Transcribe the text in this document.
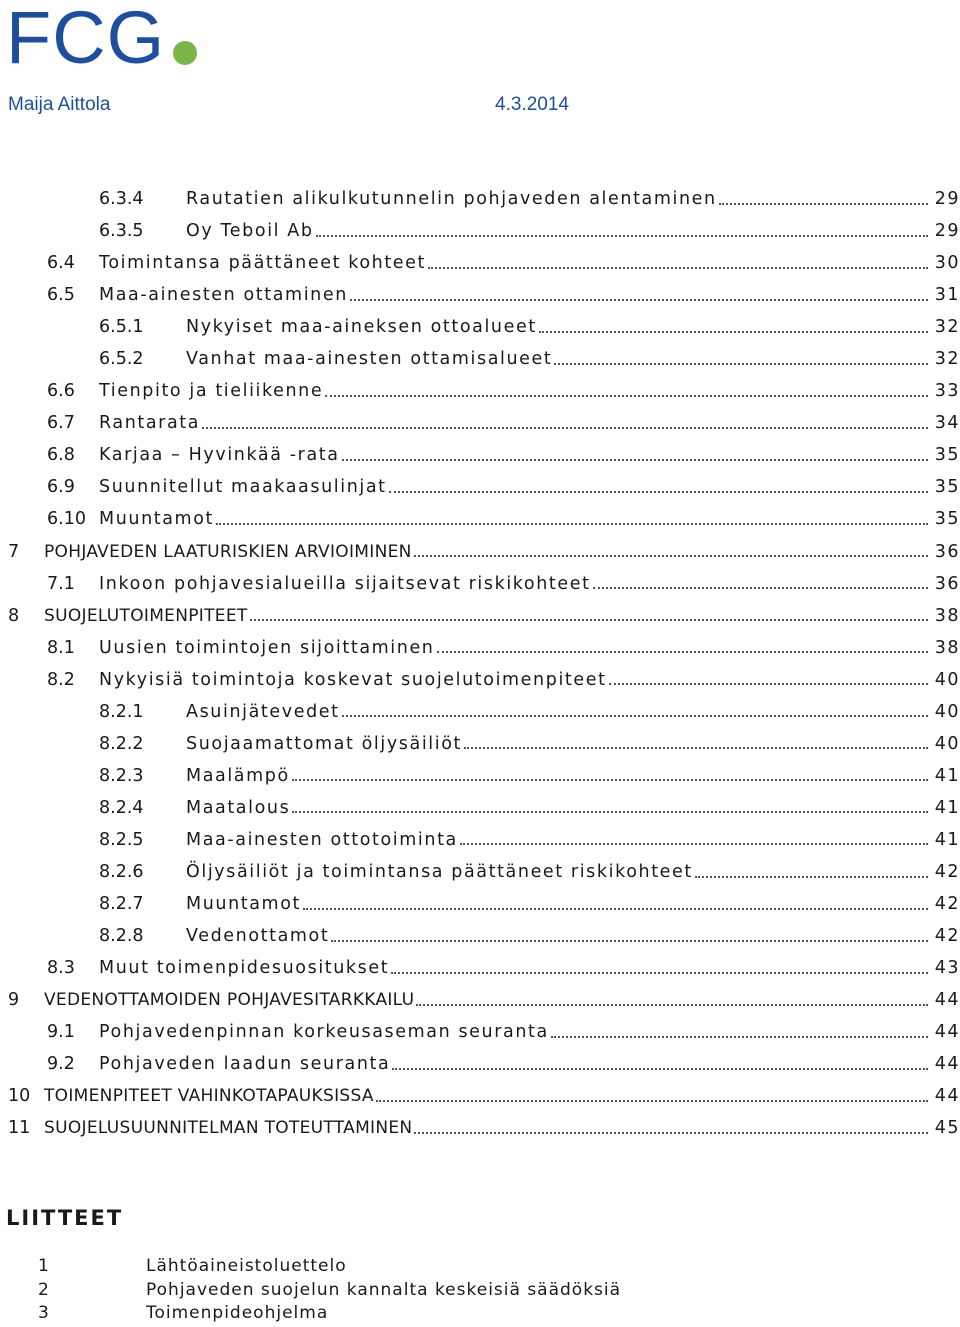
FCG
Maija Aittola	4.3.2014
6.3.4 Rautatien alikulkutunnelin pohjaveden alentaminen	29
6.3.5 Oy Teboil Ab	29
6.4 Toimintansa päättäneet kohteet	30
6.5 Maa-ainesten ottaminen	31
6.5.1 Nykyiset maa-aineksen ottoalueet	32
6.5.2 Vanhat maa-ainesten ottamisalueet	32
6.6 Tienpito ja tieliikenne	33
6.7 Rantarata	34
6.8 Karjaa – Hyvinkää -rata	35
6.9 Suunnitellut maakaasulinjat	35
6.10 Muuntamot	35
7 POHJAVEDEN LAATURISKIEN ARVIOIMINEN	36
7.1 Inkoon pohjavesialueilla sijaitsevat riskikohteet	36
8 SUOJELUTOIMENPITEET	38
8.1 Uusien toimintojen sijoittaminen	38
8.2 Nykyisiä toimintoja koskevat suojelutoimenpiteet	40
8.2.1 Asuinjätevedet	40
8.2.2 Suojaamattomat öljysäiliöt	40
8.2.3 Maalämpö	41
8.2.4 Maatalous	41
8.2.5 Maa-ainesten ottotoiminta	41
8.2.6 Öljysäiliöt ja toimintansa päättäneet riskikohteet	42
8.2.7 Muuntamot	42
8.2.8 Vedenottamot	42
8.3 Muut toimenpidesuositukset	43
9 VEDENOTTAMOIDEN POHJAVESITARKKAILU	44
9.1 Pohjavedenpinnan korkeusaseman seuranta	44
9.2 Pohjaveden laadun seuranta	44
10 TOIMENPITEET VAHINKOTAPAUKSISSA	44
11 SUOJELUSUUNNITELMAN TOTEUTTAMINEN	45
LIITTEET
1	Lähtöaineistoluettelo
2	Pohjaveden suojelun kannalta keskeisiä säädöksiä
3	Toimenpideohjelma
